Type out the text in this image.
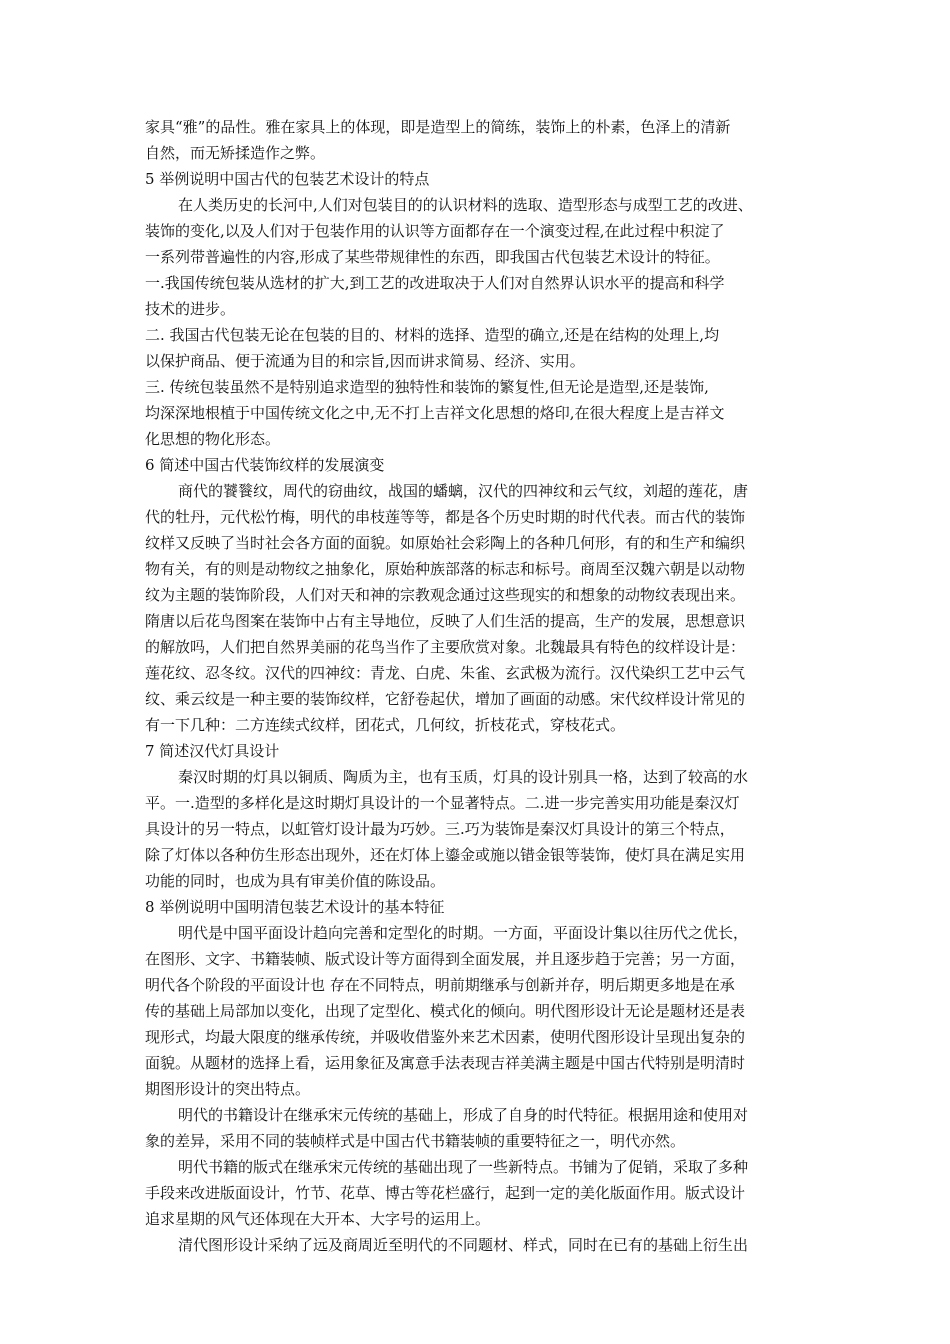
家具“雅”的品性。雅在家具上的体现，即是造型上的简练，装饰上的朴素，色泽上的清新
自然，而无矫揉造作之弊。
5 举例说明中国古代的包装艺术设计的特点
在人类历史的长河中,人们对包装目的的认识材料的选取、造型形态与成型工艺的改进、
装饰的变化,以及人们对于包装作用的认识等方面都存在一个演变过程,在此过程中积淀了
一系列带普遍性的内容,形成了某些带规律性的东西，即我国古代包装艺术设计的特征。
一.我国传统包装从选材的扩大,到工艺的改进取决于人们对自然界认识水平的提高和科学
技术的进步。
二. 我国古代包装无论在包装的目的、材料的选择、造型的确立,还是在结构的处理上,均
以保护商品、便于流通为目的和宗旨,因而讲求简易、经济、实用。
三. 传统包装虽然不是特别追求造型的独特性和装饰的繁复性,但无论是造型,还是装饰,
均深深地根植于中国传统文化之中,无不打上吉祥文化思想的烙印,在很大程度上是吉祥文
化思想的物化形态。
6 简述中国古代装饰纹样的发展演变
商代的饕餮纹，周代的窃曲纹，战国的蟠螭，汉代的四神纹和云气纹，刘超的莲花，唐
代的牡丹，元代松竹梅，明代的串枝莲等等，都是各个历史时期的时代代表。而古代的装饰
纹样又反映了当时社会各方面的面貌。如原始社会彩陶上的各种几何形，有的和生产和编织
物有关，有的则是动物纹之抽象化，原始种族部落的标志和标号。商周至汉魏六朝是以动物
纹为主题的装饰阶段，人们对天和神的宗教观念通过这些现实的和想象的动物纹表现出来。
隋唐以后花鸟图案在装饰中占有主导地位，反映了人们生活的提高，生产的发展，思想意识
的解放吗，人们把自然界美丽的花鸟当作了主要欣赏对象。北魏最具有特色的纹样设计是：
莲花纹、忍冬纹。汉代的四神纹：青龙、白虎、朱雀、玄武极为流行。汉代染织工艺中云气
纹、乘云纹是一种主要的装饰纹样，它舒卷起伏，增加了画面的动感。宋代纹样设计常见的
有一下几种：二方连续式纹样，团花式，几何纹，折枝花式，穿枝花式。
7 简述汉代灯具设计
秦汉时期的灯具以铜质、陶质为主，也有玉质，灯具的设计别具一格，达到了较高的水
平。一.造型的多样化是这时期灯具设计的一个显著特点。二.进一步完善实用功能是秦汉灯
具设计的另一特点，以虹管灯设计最为巧妙。三.巧为装饰是秦汉灯具设计的第三个特点，
除了灯体以各种仿生形态出现外，还在灯体上鎏金或施以错金银等装饰，使灯具在满足实用
功能的同时，也成为具有审美价值的陈设品。
8 举例说明中国明清包装艺术设计的基本特征
明代是中国平面设计趋向完善和定型化的时期。一方面，平面设计集以往历代之优长，
在图形、文字、书籍装帧、版式设计等方面得到全面发展，并且逐步趋于完善；另一方面，
明代各个阶段的平面设计也 存在不同特点，明前期继承与创新并存，明后期更多地是在承
传的基础上局部加以变化，出现了定型化、模式化的倾向。明代图形设计无论是题材还是表
现形式，均最大限度的继承传统，并吸收借鉴外来艺术因素，使明代图形设计呈现出复杂的
面貌。从题材的选择上看，运用象征及寓意手法表现吉祥美满主题是中国古代特别是明清时
期图形设计的突出特点。
明代的书籍设计在继承宋元传统的基础上，形成了自身的时代特征。根据用途和使用对
象的差异，采用不同的装帧样式是中国古代书籍装帧的重要特征之一，明代亦然。
明代书籍的版式在继承宋元传统的基础出现了一些新特点。书铺为了促销，采取了多种
手段来改进版面设计，竹节、花草、博古等花栏盛行，起到一定的美化版面作用。版式设计
追求星期的风气还体现在大开本、大字号的运用上。
清代图形设计采纳了远及商周近至明代的不同题材、样式，同时在已有的基础上衍生出
